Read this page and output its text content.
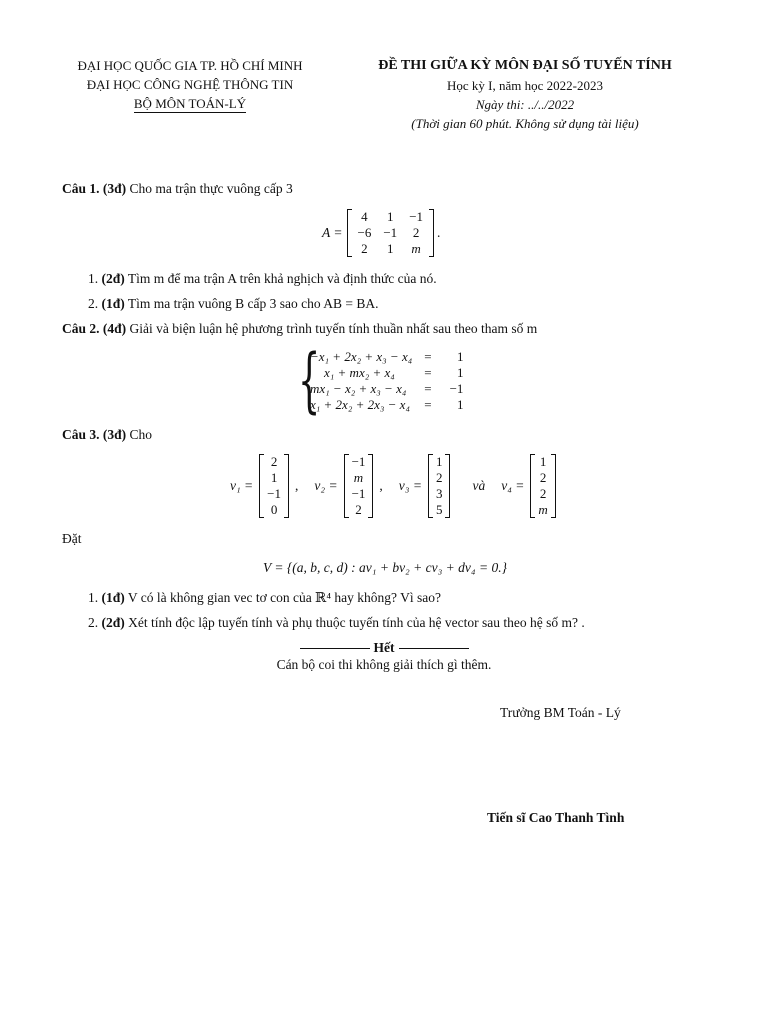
ĐẠI HỌC QUỐC GIA TP. HỒ CHÍ MINH
ĐẠI HỌC CÔNG NGHỆ THÔNG TIN
BỘ MÔN TOÁN-LÝ
ĐỀ THI GIỮA KỲ MÔN ĐẠI SỐ TUYẾN TÍNH
Học kỳ I, năm học 2022-2023
Ngày thi: ../../2022
(Thời gian 60 phút. Không sử dụng tài liệu)
Câu 1. (3đ) Cho ma trận thực vuông cấp 3
A =
4	1	−1
−6	−1	2
2	1	m
.
1. (2đ) Tìm m để ma trận A trên khả nghịch và định thức của nó.
2. (1đ) Tìm ma trận vuông B cấp 3 sao cho AB = BA.
Câu 2. (4đ) Giải và biện luận hệ phương trình tuyến tính thuần nhất sau theo tham số m
{
−x₁ + 2x₂ + x₃ − x₄	=	1
x₁ + mx₂ + x₄	=	1
mx₁ − x₂ + x₃ − x₄	=	−1
x₁ + 2x₂ + 2x₃ − x₄	=	1
Câu 3. (3đ) Cho
v₁ =
2
1
−1
0
, v₂ =
−1
m
−1
2
, v₃ =
1
2
3
5
và v₄ =
1
2
2
m
Đặt
V = {(a, b, c, d) : av₁ + bv₂ + cv₃ + dv₄ = 0.}
1. (1đ) V có là không gian vec tơ con của ℝ⁴ hay không? Vì sao?
2. (2đ) Xét tính độc lập tuyến tính và phụ thuộc tuyến tính của hệ vector sau theo hệ số m? .
Hết
Cán bộ coi thi không giải thích gì thêm.
Trưởng BM Toán - Lý
Tiến sĩ Cao Thanh Tình
